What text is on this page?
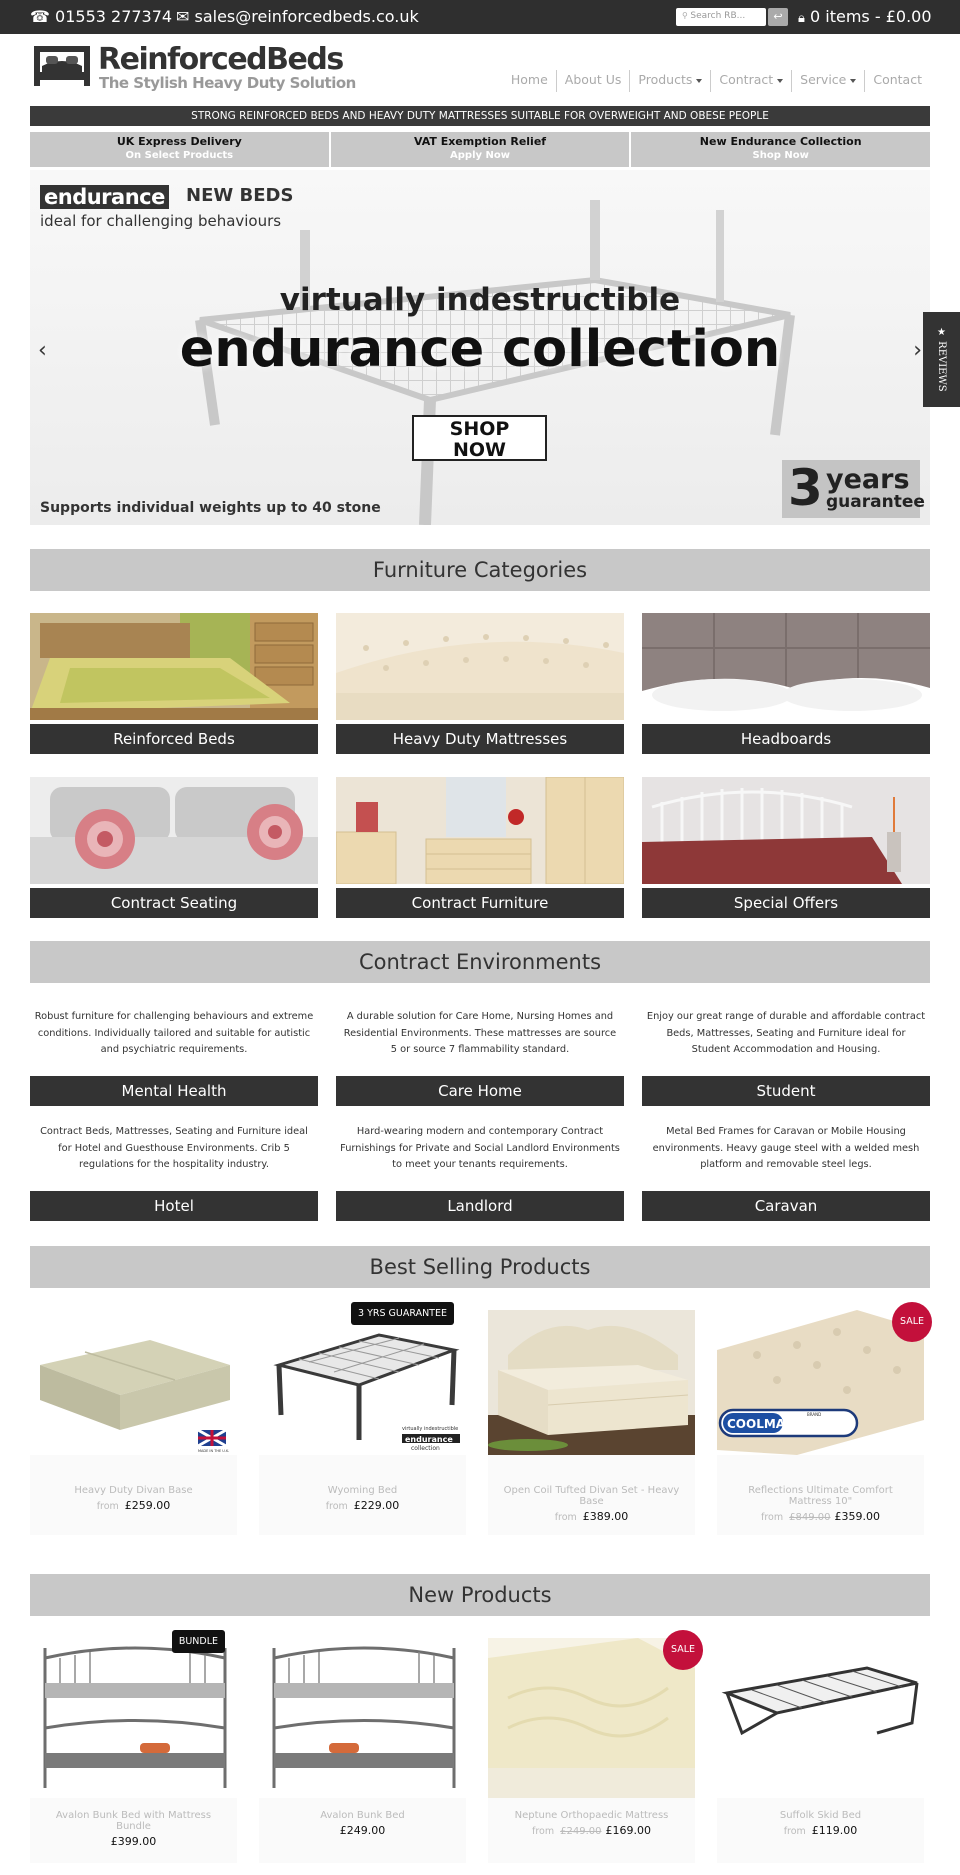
☎ 01553 277374 ✉ sales@reinforcedbeds.co.uk	⚲ Search RB...	↩	🔒︎ 0 items - £0.00
ReinforcedBeds
The Stylish Heavy Duty Solution	Home	About Us	Products	Contract	Service	Contact
STRONG REINFORCED BEDS AND HEAVY DUTY MATTRESSES SUITABLE FOR OVERWEIGHT AND OBESE PEOPLE
UK Express Delivery
On Select Products
VAT Exemption Relief
Apply Now
New Endurance Collection
Shop Now
endurance NEW BEDS
ideal for challenging behaviours
virtually indestructible
endurance collection
SHOP
NOW
Supports individual weights up to 40 stone	3 years
guarantee
‹	›	★ REVIEWS
Furniture Categories
Reinforced Beds	Heavy Duty Mattresses	Headboards
Contract Seating	Contract Furniture	Special Offers
Contract Environments
Robust furniture for challenging behaviours and extreme conditions. Individually tailored and suitable for autistic and psychiatric requirements.
Mental Health
A durable solution for Care Home, Nursing Homes and Residential Environments. These mattresses are source 5 or source 7 flammability standard.
Care Home
Enjoy our great range of durable and affordable contract Beds, Mattresses, Seating and Furniture ideal for Student Accommodation and Housing.
Student
Contract Beds, Mattresses, Seating and Furniture ideal for Hotel and Guesthouse Environments. Crib 5 regulations for the hospitality industry.
Hotel
Hard-wearing modern and contemporary Contract Furnishings for Private and Social Landlord Environments to meet your tenants requirements.
Landlord
Metal Bed Frames for Caravan or Mobile Housing environments. Heavy gauge steel with a welded mesh platform and removable steel legs.
Caravan
Best Selling Products
MADE IN THE U.K.
Heavy Duty Divan Base
from £259.00
virtually indestructible
endurance
collection
3 YRS GUARANTEE
Wyoming Bed
from £229.00
Open Coil Tufted Divan Set - Heavy Base
from £389.00
COOLMAX
BRAND
SALE
Reflections Ultimate Comfort Mattress 10"
from £849.00 £359.00
New Products
BUNDLE
Avalon Bunk Bed with Mattress Bundle
£399.00
Avalon Bunk Bed
£249.00
SALE
Neptune Orthopaedic Mattress
from £249.00 £169.00
Suffolk Skid Bed
from £119.00
